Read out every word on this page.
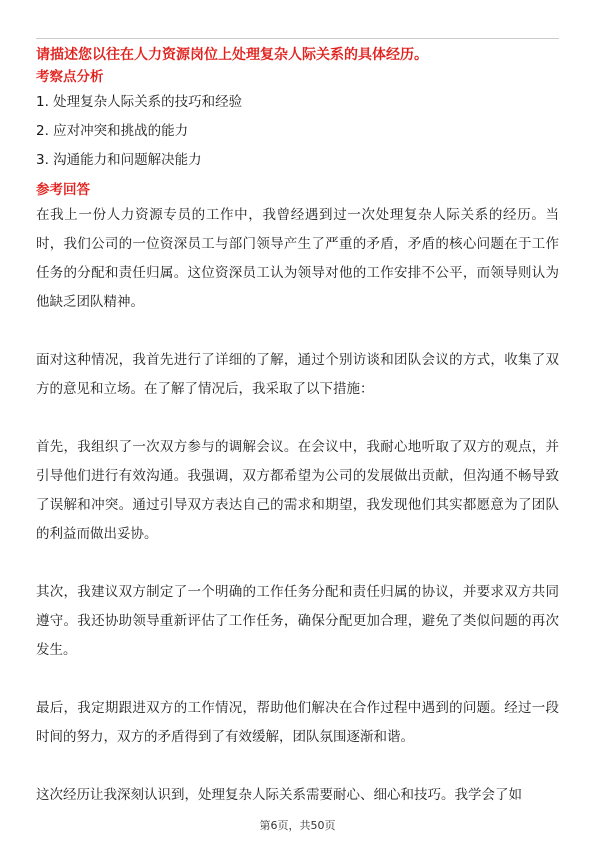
请描述您以往在人力资源岗位上处理复杂人际关系的具体经历。

考察点分析

1. 处理复杂人际关系的技巧和经验
2. 应对冲突和挑战的能力
3. 沟通能力和问题解决能力

参考回答

在我上一份人力资源专员的工作中，我曾经遇到过一次处理复杂人际关系的经历。当时，我们公司的一位资深员工与部门领导产生了严重的矛盾，矛盾的核心问题在于工作任务的分配和责任归属。这位资深员工认为领导对他的工作安排不公平，而领导则认为他缺乏团队精神。

面对这种情况，我首先进行了详细的了解，通过个别访谈和团队会议的方式，收集了双方的意见和立场。在了解了情况后，我采取了以下措施：

首先，我组织了一次双方参与的调解会议。在会议中，我耐心地听取了双方的观点，并引导他们进行有效沟通。我强调，双方都希望为公司的发展做出贡献，但沟通不畅导致了误解和冲突。通过引导双方表达自己的需求和期望，我发现他们其实都愿意为了团队的利益而做出妥协。

其次，我建议双方制定了一个明确的工作任务分配和责任归属的协议，并要求双方共同遵守。我还协助领导重新评估了工作任务，确保分配更加合理，避免了类似问题的再次发生。

最后，我定期跟进双方的工作情况，帮助他们解决在合作过程中遇到的问题。经过一段时间的努力，双方的矛盾得到了有效缓解，团队氛围逐渐和谐。

这次经历让我深刻认识到，处理复杂人际关系需要耐心、细心和技巧。我学会了如

第6页，共50页
